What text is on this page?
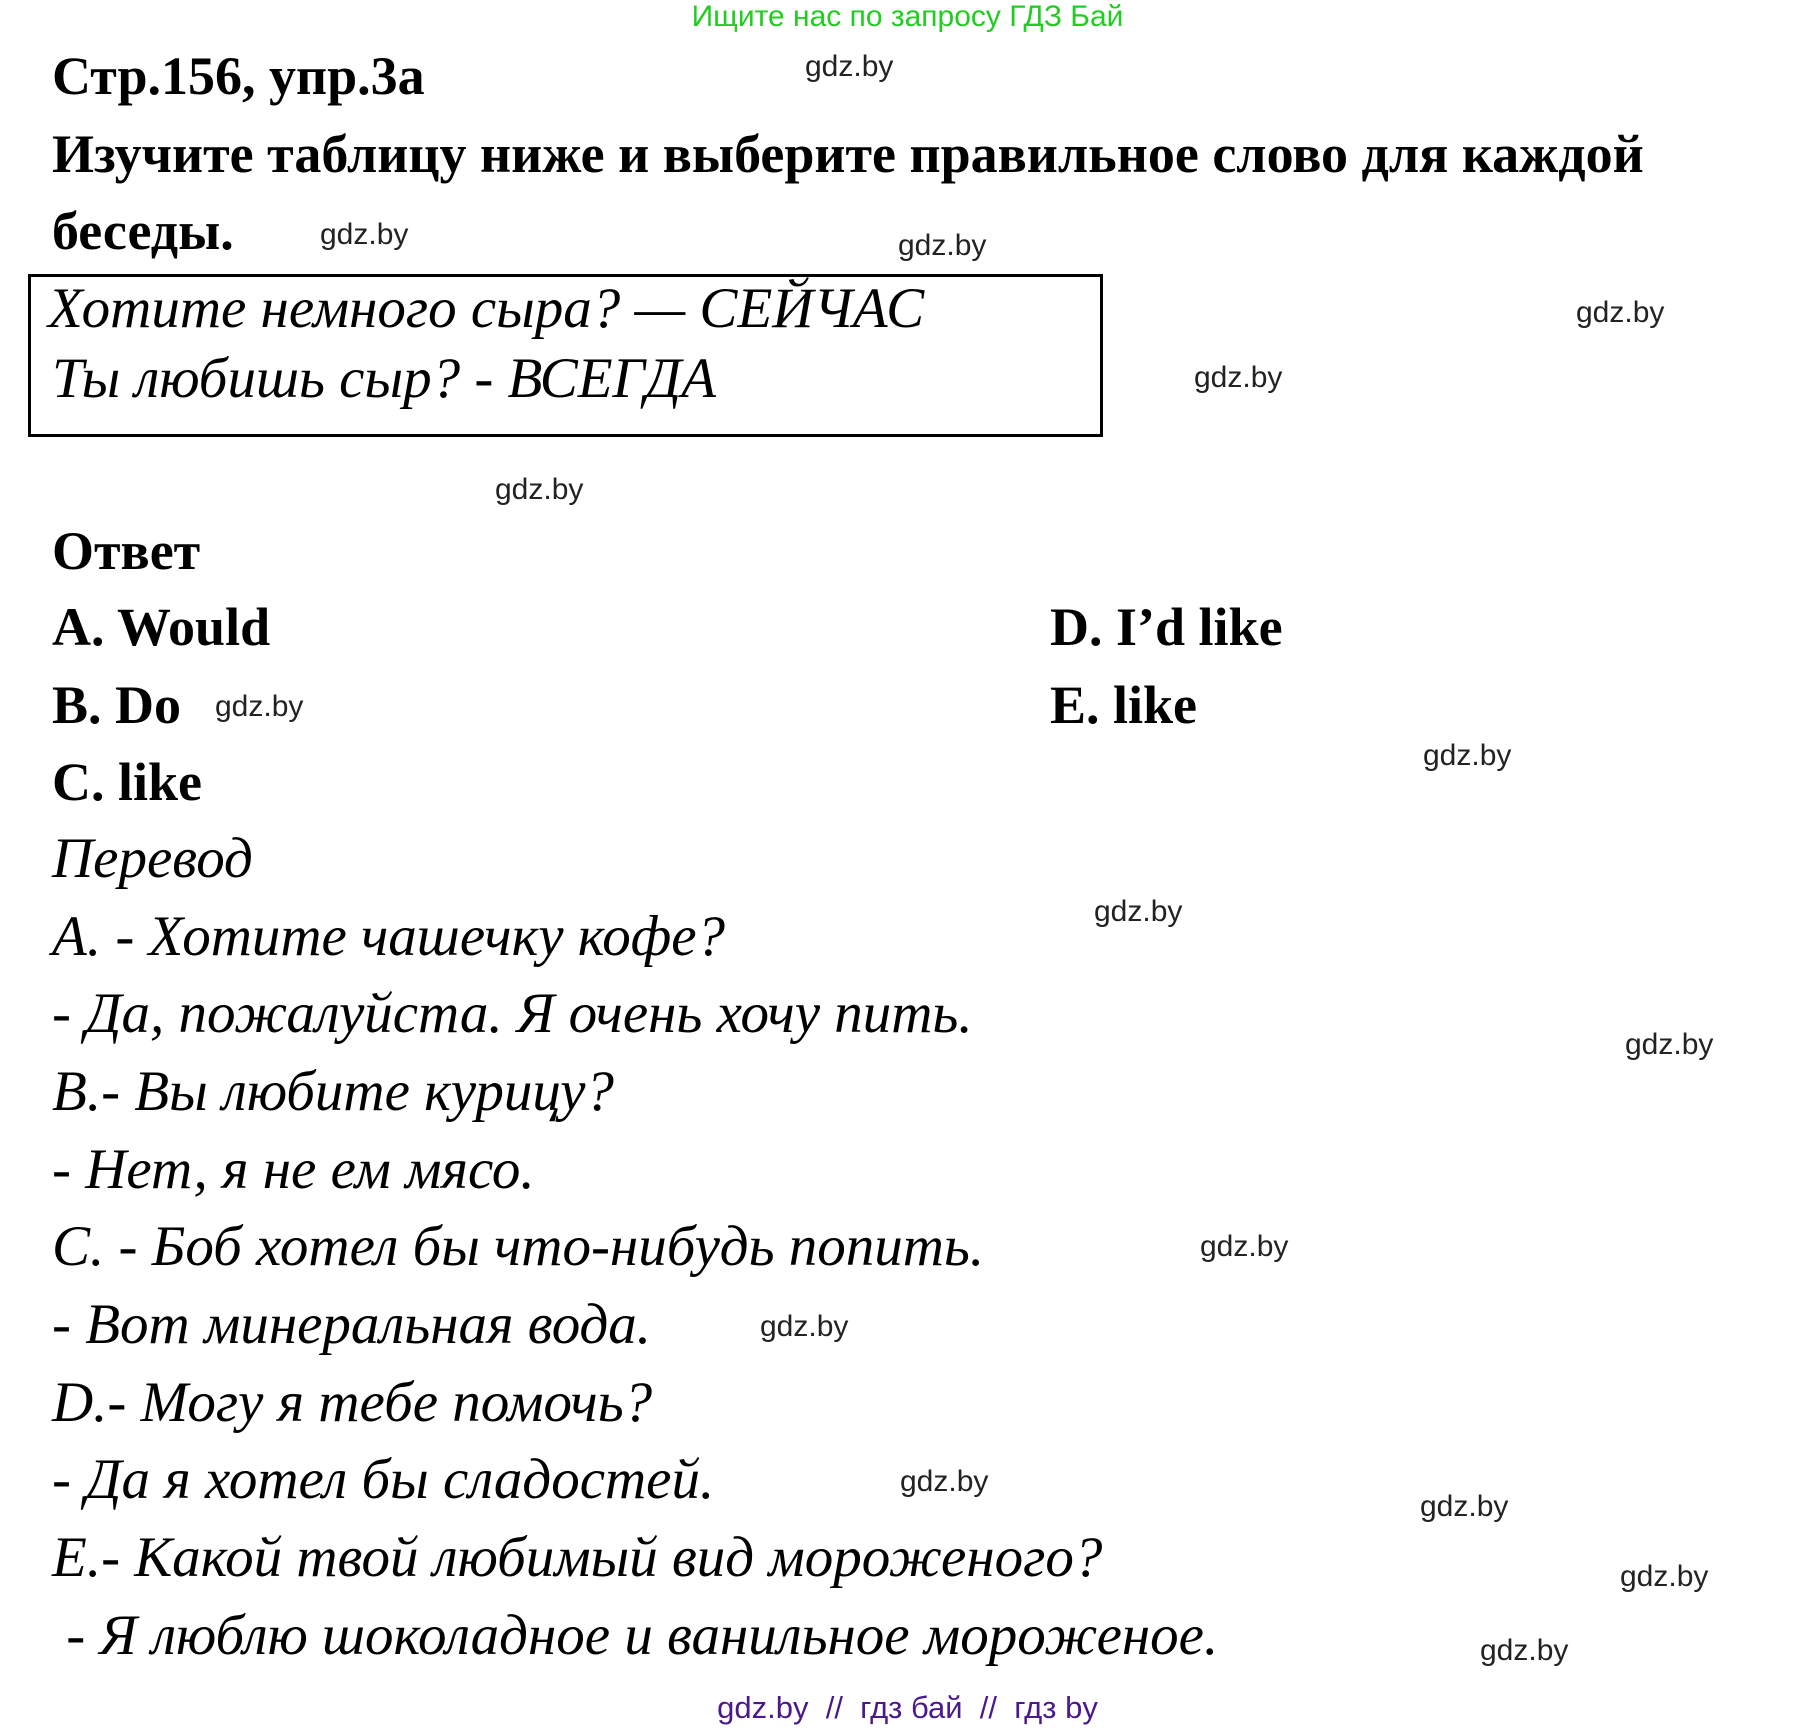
Ищите нас по запросу ГДЗ Бай
Стр.156, упр.3а
Изучите таблицу ниже и выберите правильное слово для каждой
беседы.
Хотите немного сыра? — СЕЙЧАС
Ты любишь сыр? - ВСЕГДА
Ответ
A. Would
B. Do
C. like
D. I’d like
E. like
Перевод
A. - Хотите чашечку кофе?
- Да, пожалуйста. Я очень хочу пить.
B.- Вы любите курицу?
- Нет, я не ем мясо.
C. - Боб хотел бы что-нибудь попить.
- Вот минеральная вода.
D.- Могу я тебе помочь?
- Да я хотел бы сладостей.
E.- Какой твой любимый вид мороженого?
- Я люблю шоколадное и ванильное мороженое.
gdz.by
gdz.by	gdz.by
gdz.by
gdz.by
gdz.by
gdz.by
gdz.by
gdz.by
gdz.by
gdz.by
gdz.by
gdz.by
gdz.by
gdz.by
gdz.by
gdz.by  //  гдз бай  //  гдз by
